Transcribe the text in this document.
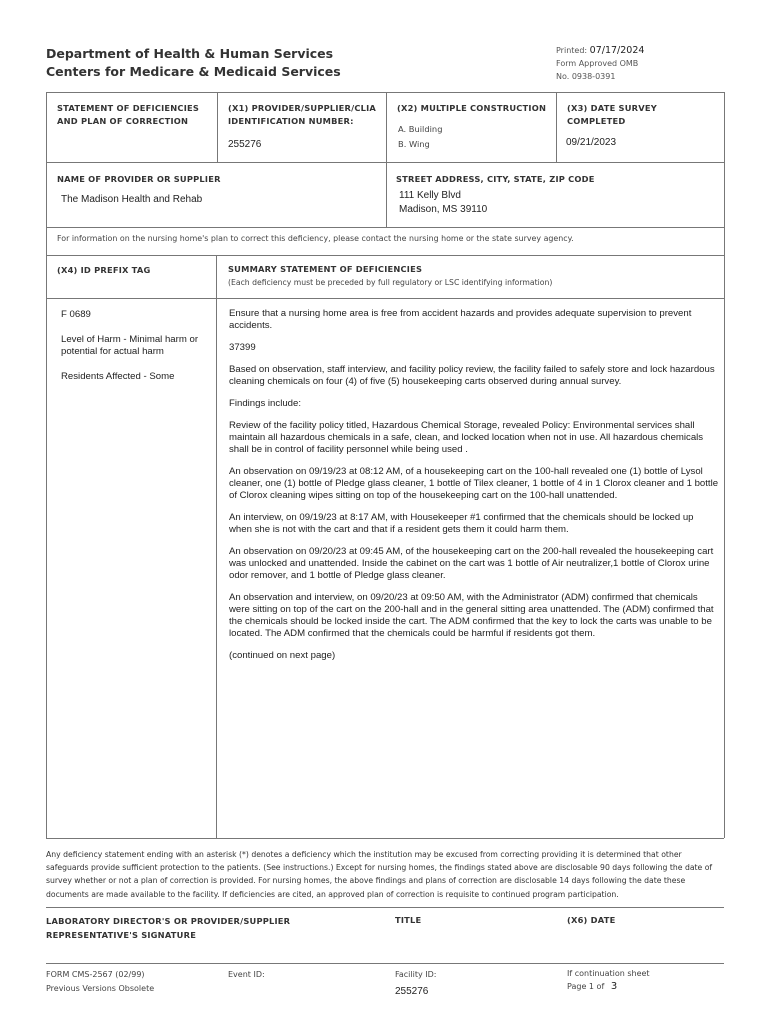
Department of Health & Human Services
Centers for Medicare & Medicaid Services
Printed: 07/17/2024
Form Approved OMB
No. 0938-0391
STATEMENT OF DEFICIENCIES AND PLAN OF CORRECTION
(X1) PROVIDER/SUPPLIER/CLIA IDENTIFICATION NUMBER:
255276
(X2) MULTIPLE CONSTRUCTION
A. Building
B. Wing
(X3) DATE SURVEY COMPLETED
09/21/2023
NAME OF PROVIDER OR SUPPLIER
The Madison Health and Rehab
STREET ADDRESS, CITY, STATE, ZIP CODE
111 Kelly Blvd
Madison, MS 39110
For information on the nursing home's plan to correct this deficiency, please contact the nursing home or the state survey agency.
(X4) ID PREFIX TAG	SUMMARY STATEMENT OF DEFICIENCIES
(Each deficiency must be preceded by full regulatory or LSC identifying information)
F 0689
Level of Harm - Minimal harm or potential for actual harm
Residents Affected - Some

Ensure that a nursing home area is free from accident hazards and provides adequate supervision to prevent accidents.

37399

Based on observation, staff interview, and facility policy review, the facility failed to safely store and lock hazardous cleaning chemicals on four (4) of five (5) housekeeping carts observed during annual survey.

Findings include:

Review of the facility policy titled, Hazardous Chemical Storage, revealed Policy: Environmental services shall maintain all hazardous chemicals in a safe, clean, and locked location when not in use. All hazardous chemicals shall be in control of facility personnel while being used .

An observation on 09/19/23 at 08:12 AM, of a housekeeping cart on the 100-hall revealed one (1) bottle of Lysol cleaner, one (1) bottle of Pledge glass cleaner, 1 bottle of Tilex cleaner, 1 bottle of 4 in 1 Clorox cleaner and 1 bottle of Clorox cleaning wipes sitting on top of the housekeeping cart on the 100-hall unattended.

An interview, on 09/19/23 at 8:17 AM, with Housekeeper #1 confirmed that the chemicals should be locked up when she is not with the cart and that if a resident gets them it could harm them.

An observation on 09/20/23 at 09:45 AM, of the housekeeping cart on the 200-hall revealed the housekeeping cart was unlocked and unattended. Inside the cabinet on the cart was 1 bottle of Air neutralizer,1 bottle of Clorox urine odor remover, and 1 bottle of Pledge glass cleaner.

An observation and interview, on 09/20/23 at 09:50 AM, with the Administrator (ADM) confirmed that chemicals were sitting on top of the cart on the 200-hall and in the general sitting area unattended. The (ADM) confirmed that the chemicals should be locked inside the cart. The ADM confirmed that the key to lock the carts was unable to be located. The ADM confirmed that the chemicals could be harmful if residents got them.

(continued on next page)

Any deficiency statement ending with an asterisk (*) denotes a deficiency which the institution may be excused from correcting providing it is determined that other safeguards provide sufficient protection to the patients. (See instructions.) Except for nursing homes, the findings stated above are disclosable 90 days following the date of survey whether or not a plan of correction is provided. For nursing homes, the above findings and plans of correction are disclosable 14 days following the date these documents are made available to the facility. If deficiencies are cited, an approved plan of correction is requisite to continued program participation.
LABORATORY DIRECTOR'S OR PROVIDER/SUPPLIER REPRESENTATIVE'S SIGNATURE
TITLE	(X6) DATE
FORM CMS-2567 (02/99)
Previous Versions Obsolete
Event ID:	Facility ID:
255276
If continuation sheet
Page 1 of 3
